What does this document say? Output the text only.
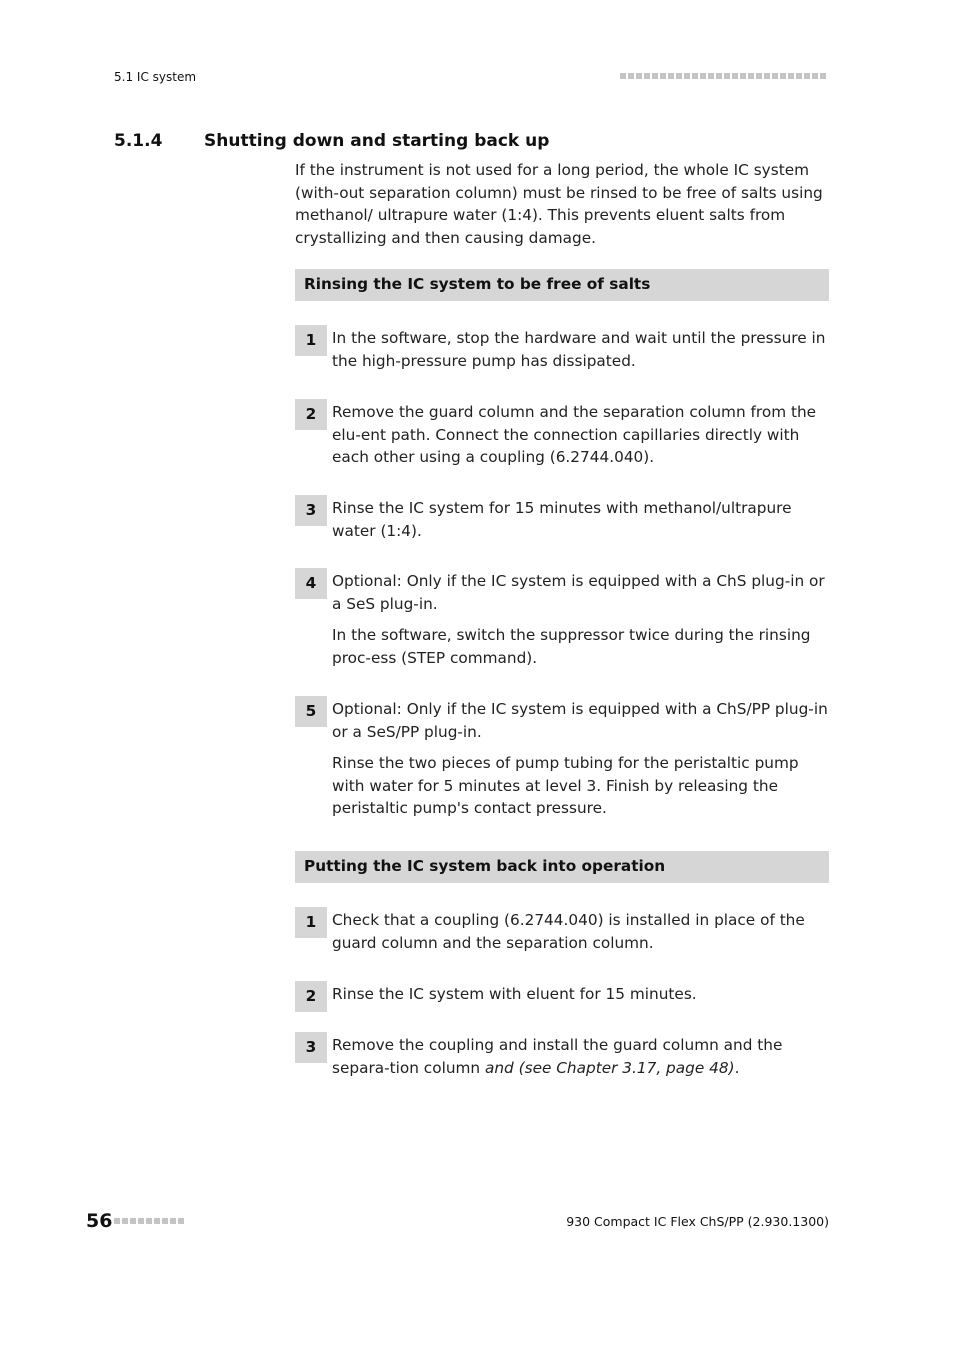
5.1 IC system
5.1.4 Shutting down and starting back up
If the instrument is not used for a long period, the whole IC system (with-out separation column) must be rinsed to be free of salts using methanol/ ultrapure water (1:4). This prevents eluent salts from crystallizing and then causing damage.
Rinsing the IC system to be free of salts
1	In the software, stop the hardware and wait until the pressure in the high-pressure pump has dissipated.

2	Remove the guard column and the separation column from the elu-ent path. Connect the connection capillaries directly with each other using a coupling (6.2744.040).

3	Rinse the IC system for 15 minutes with methanol/ultrapure water (1:4).

4	Optional: Only if the IC system is equipped with a ChS plug-in or a SeS plug-in.

In the software, switch the suppressor twice during the rinsing proc-ess (STEP command).

5	Optional: Only if the IC system is equipped with a ChS/PP plug-in or a SeS/PP plug-in.

Rinse the two pieces of pump tubing for the peristaltic pump with water for 5 minutes at level 3. Finish by releasing the peristaltic pump's contact pressure.

Putting the IC system back into operation
1	Check that a coupling (6.2744.040) is installed in place of the guard column and the separation column.

2	Rinse the IC system with eluent for 15 minutes.

3	Remove the coupling and install the guard column and the separa-tion column and (see Chapter 3.17, page 48).

56	930 Compact IC Flex ChS/PP (2.930.1300)
